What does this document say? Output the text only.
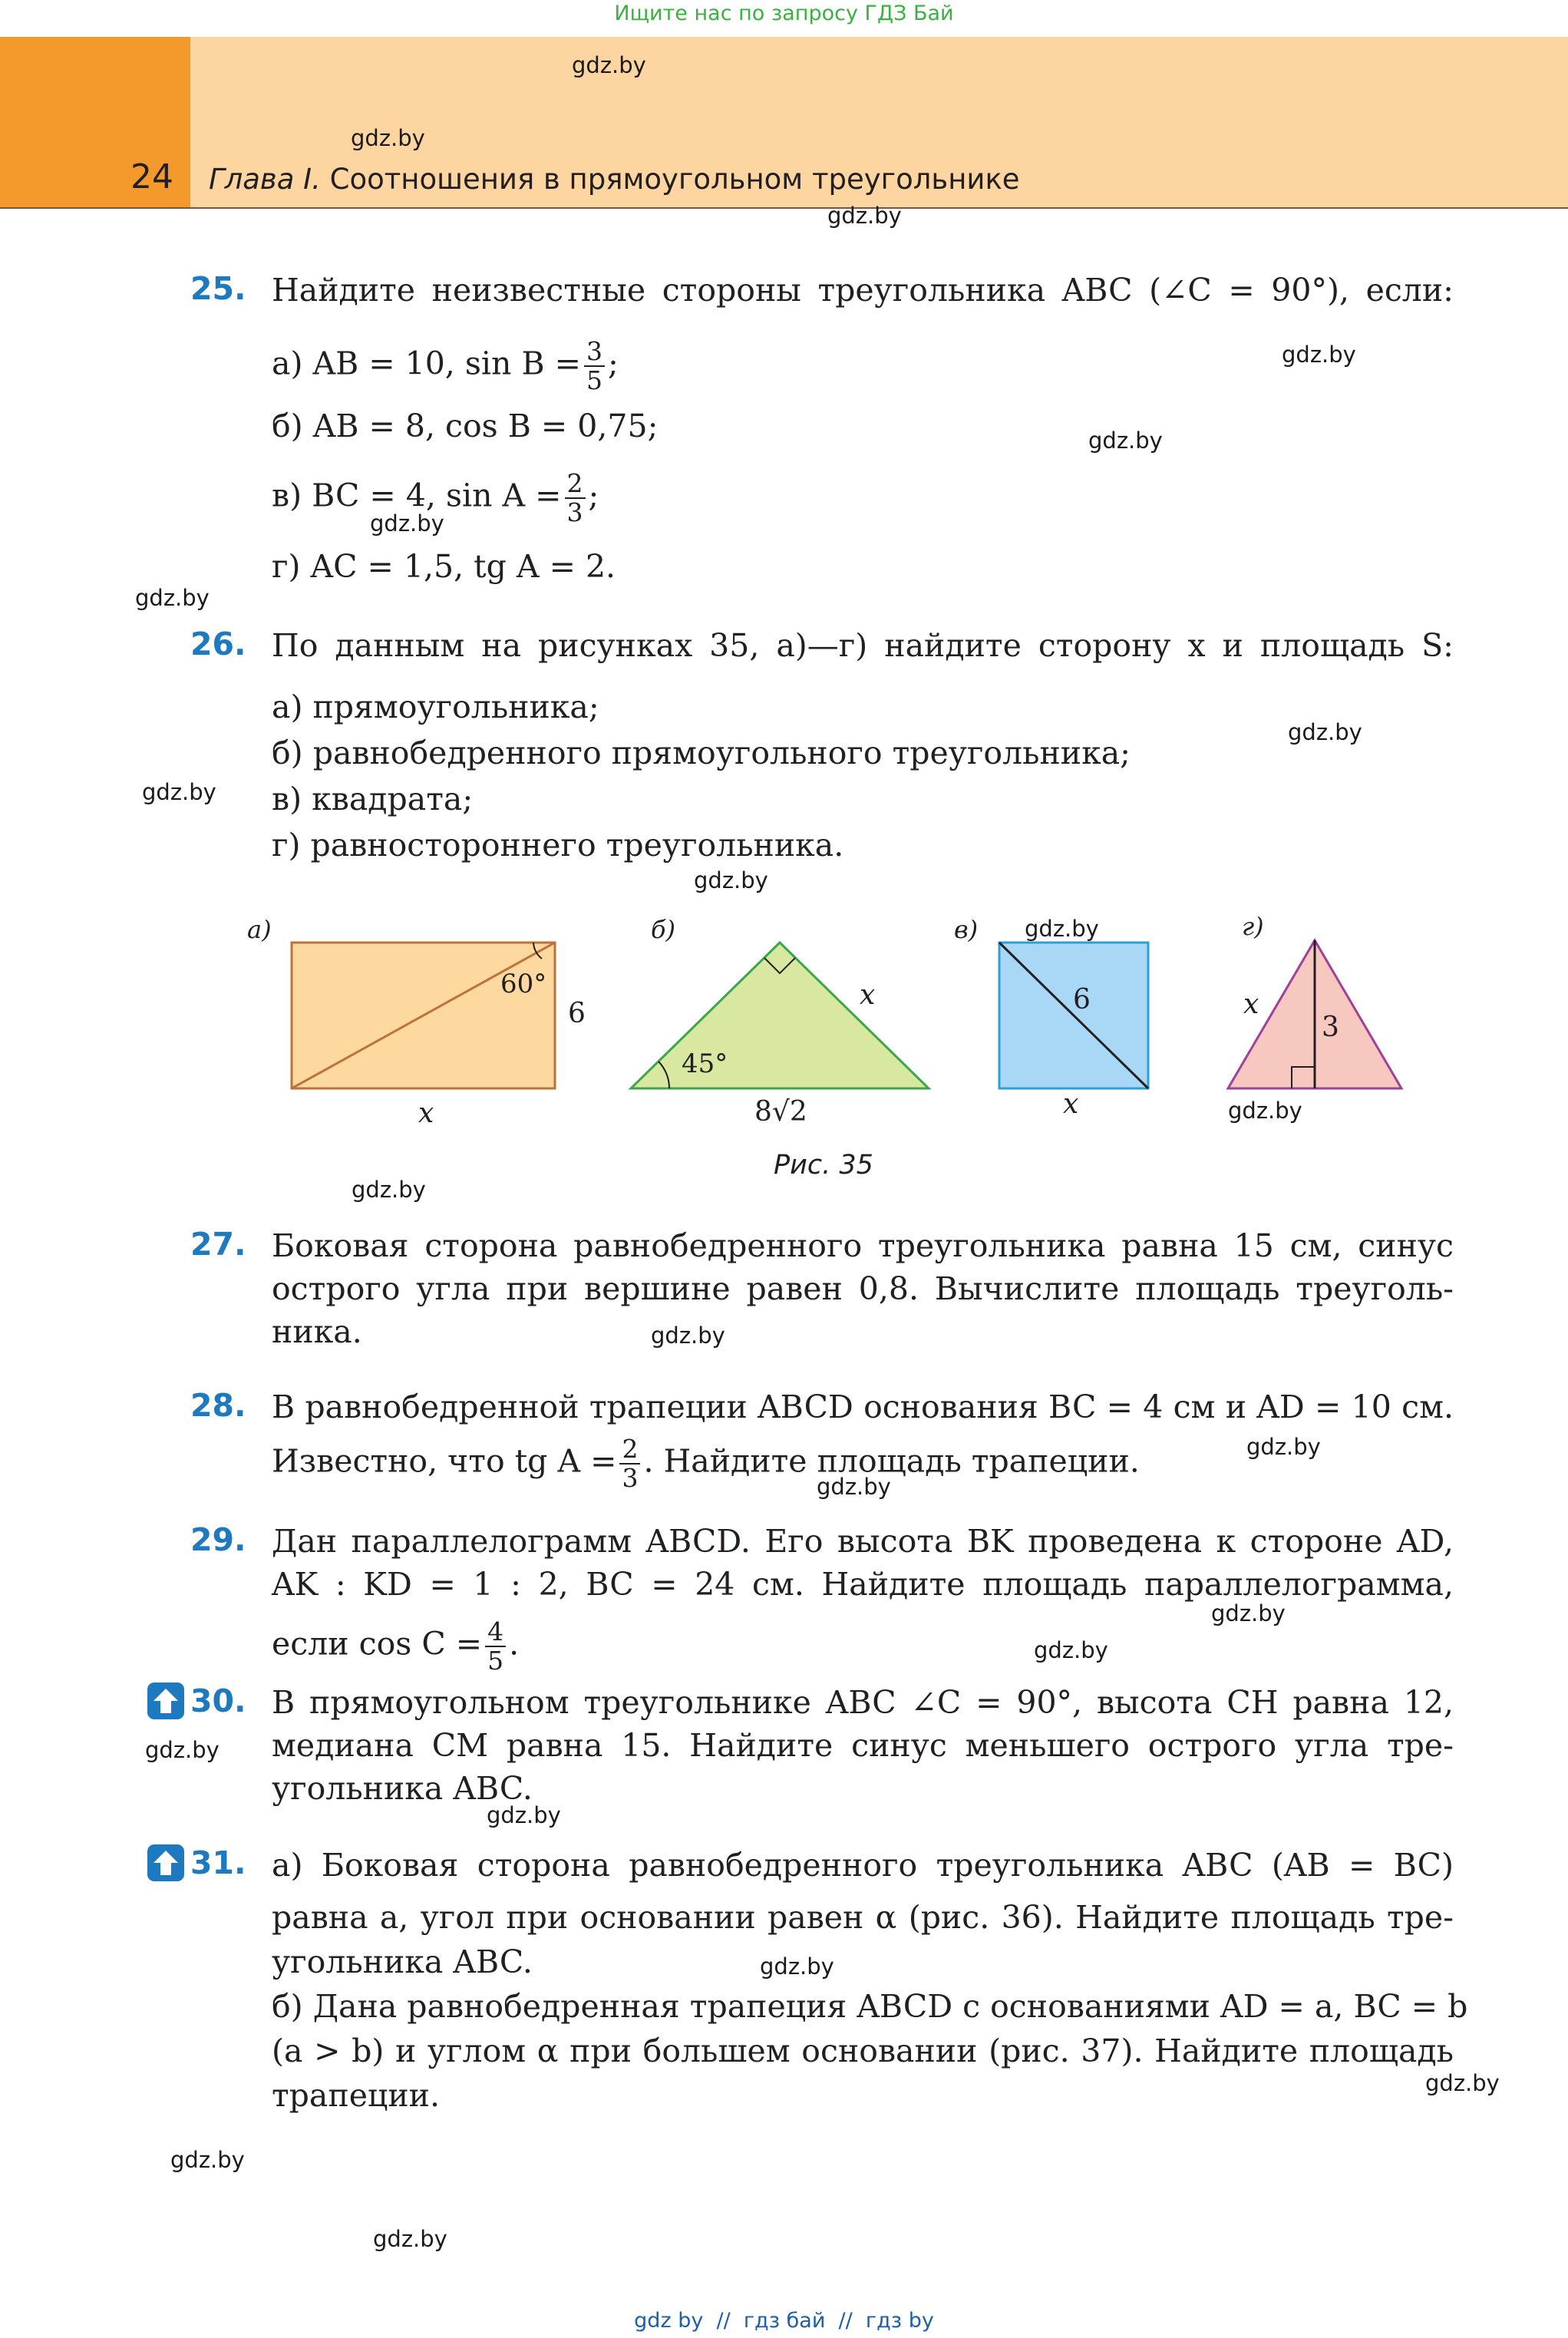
Ищите нас по запросу ГДЗ Бай
24 Глава I. Соотношения в прямоугольном треугольнике
gdz.by
gdz.by
gdz.by
gdz.by
gdz.by
gdz.by
gdz.by
gdz.by
gdz.by
gdz.by
gdz.by
gdz.by
gdz.by
gdz.by
gdz.by
gdz.by
gdz.by
gdz.by
gdz.by
gdz.by
gdz.by
gdz.by
gdz.by
gdz.by
25. Найдите неизвестные стороны треугольника ABC (∠C = 90°), если:
а) AB = 10, $\sin B = \frac{3}{5}$ ;
б) AB = 8, cos B = 0,75;
в) BC = 4, $\sin A = \frac{2}{3}$ ;
г) AC = 1,5, tg A = 2.
26. По данным на рисунках 35, а)—г) найдите сторону x и площадь S:
а) прямоугольника;
б) равнобедренного прямоугольного треугольника;
в) квадрата;
г) равностороннего треугольника.
а)
60°
6
x
б)
45°
x
8√2
в)
6
x
г)
x
3
Рис. 35
27. Боковая сторона равнобедренного треугольника равна 15 см, синус
острого угла при вершине равен 0,8. Вычислите площадь треуголь-
ника.
28. В равнобедренной трапеции ABCD основания BC = 4 см и AD = 10 см.
Известно, что tg $A = \frac{2}{3}$ . Найдите площадь трапеции.
29. Дан параллелограмм ABCD. Его высота BK проведена к стороне AD,
AK : KD = 1 : 2, BC = 24 см. Найдите площадь параллелограмма,
если $\cos C = \frac{4}{5}$ .
30. В прямоугольном треугольнике ABC ∠C = 90°, высота CH равна 12,
медиана CM равна 15. Найдите синус меньшего острого угла тре-
угольника ABC.
31. а) Боковая сторона равнобедренного треугольника ABC (AB = BC)
равна a, угол при основании равен α (рис. 36). Найдите площадь тре-
угольника ABC.
б) Дана равнобедренная трапеция ABCD с основаниями AD = a, BC = b
(a > b) и углом α при большем основании (рис. 37). Найдите площадь
трапеции.
gdz by  //  гдз бай  //  гдз by
